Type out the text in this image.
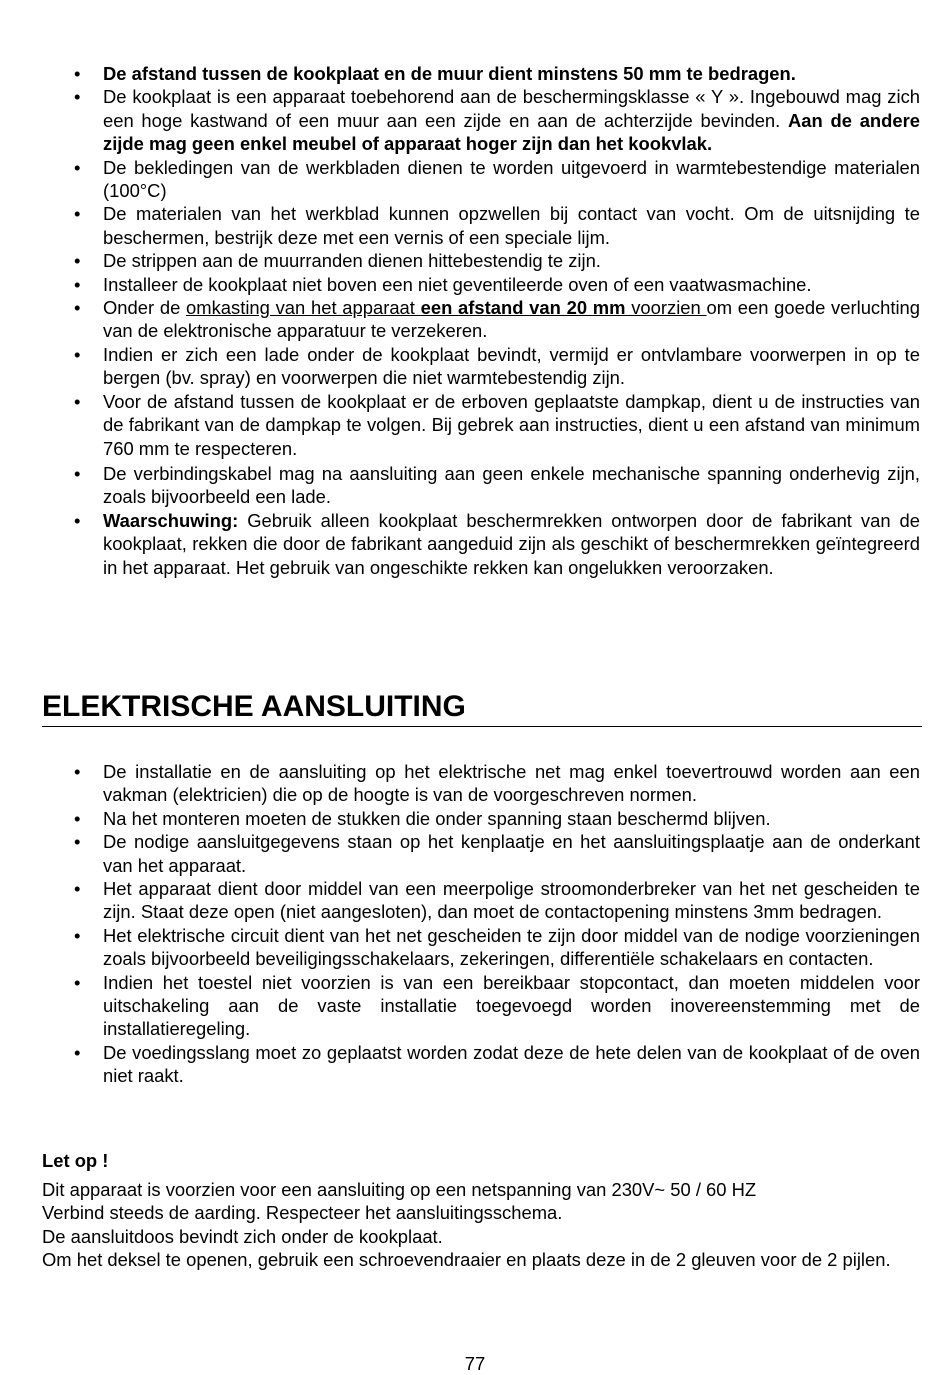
• De afstand tussen de kookplaat en de muur dient minstens 50 mm te bedragen.
• De kookplaat is een apparaat toebehorend aan de beschermingsklasse « Y ». Ingebouwd mag zich een hoge kastwand of een muur aan een zijde en aan de achterzijde bevinden. Aan de andere zijde mag geen enkel meubel of apparaat hoger zijn dan het kookvlak.
• De bekledingen van de werkbladen dienen te worden uitgevoerd in warmtebestendige materialen (100°C)
• De materialen van het werkblad kunnen opzwellen bij contact van vocht. Om de uitsnijding te beschermen, bestrijk deze met een vernis of een speciale lijm.
• De strippen aan de muurranden dienen hittebestendig te zijn.
• Installeer de kookplaat niet boven een niet geventileerde oven of een vaatwasmachine.
• Onder de omkasting van het apparaat een afstand van 20 mm voorzien om een goede verluchting van de elektronische apparatuur te verzekeren.
• Indien er zich een lade onder de kookplaat bevindt, vermijd er ontvlambare voorwerpen in op te bergen (bv. spray) en voorwerpen die niet warmtebestendig zijn.
• Voor de afstand tussen de kookplaat er de erboven geplaatste dampkap, dient u de instructies van de fabrikant van de dampkap te volgen. Bij gebrek aan instructies, dient u een afstand van minimum 760 mm te respecteren.
• De verbindingskabel mag na aansluiting aan geen enkele mechanische spanning onderhevig zijn, zoals bijvoorbeeld een lade.
• Waarschuwing: Gebruik alleen kookplaat beschermrekken ontworpen door de fabrikant van de kookplaat, rekken die door de fabrikant aangeduid zijn als geschikt of beschermrekken geïntegreerd in het apparaat. Het gebruik van ongeschikte rekken kan ongelukken veroorzaken.
ELEKTRISCHE AANSLUITING
• De installatie en de aansluiting op het elektrische net mag enkel toevertrouwd worden aan een vakman (elektricien) die op de hoogte is van de voorgeschreven normen.
• Na het monteren moeten de stukken die onder spanning staan beschermd blijven.
• De nodige aansluitgegevens staan op het kenplaatje en het aansluitingsplaatje aan de onderkant van het apparaat.
• Het apparaat dient door middel van een meerpolige stroomonderbreker van het net gescheiden te zijn. Staat deze open (niet aangesloten), dan moet de contactopening minstens 3mm bedragen.
• Het elektrische circuit dient van het net gescheiden te zijn door middel van de nodige voorzieningen zoals bijvoorbeeld beveiligingsschakelaars, zekeringen, differentiële schakelaars en contacten.
• Indien het toestel niet voorzien is van een bereikbaar stopcontact, dan moeten middelen voor uitschakeling aan de vaste installatie toegevoegd worden inovereenstemming met de installatieregeling.
• De voedingsslang moet zo geplaatst worden zodat deze de hete delen van de kookplaat of de oven niet raakt.

Let op !

Dit apparaat is voorzien voor een aansluiting op een netspanning van 230V~ 50 / 60 HZ

Verbind steeds de aarding. Respecteer het aansluitingsschema.

De aansluitdoos bevindt zich onder de kookplaat.

Om het deksel te openen, gebruik een schroevendraaier en plaats deze in de 2 gleuven voor de 2 pijlen.

77
